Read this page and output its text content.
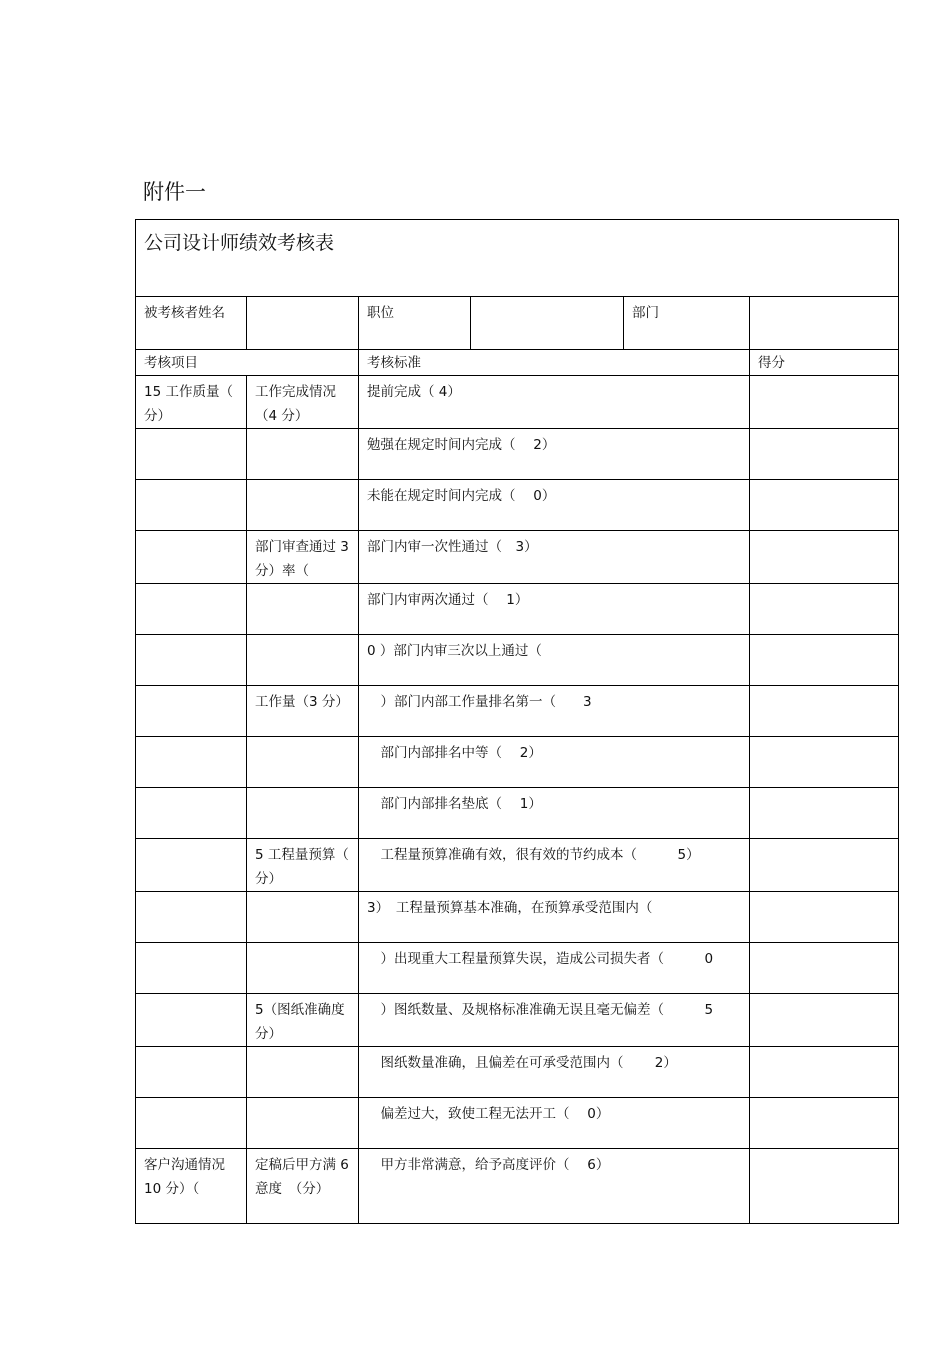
附件一
公司设计师绩效考核表					
被考核者姓名		职位		部门	
考核项目		考核标准			得分
15 工作质量（ 分）	工作完成情况（4 分）	提前完成（ 4）			
		勉强在规定时间内完成（　 2）			
		未能在规定时间内完成（　 0）			
	部门审查通过 3 分）率（	部门内审一次性通过（　3）			
		部门内审两次通过（　 1）			
		0 ）部门内审三次以上通过（			
	工作量（3 分）	　）部门内部工作量排名第一（　　3			
		　部门内部排名中等（　 2）			
		　部门内部排名垫底（　 1）			
	5 工程量预算（ 分）	　工程量预算准确有效，很有效的节约成本（　　　5）			
		3）　工程量预算基本准确，在预算承受范围内（			
		　）出现重大工程量预算失误，造成公司损失者（　　　0			
	5（图纸准确度　分）	　）图纸数量、及规格标准准确无误且毫无偏差（　　　5			
		　图纸数量准确，且偏差在可承受范围内（　　 2）			
		　偏差过大，致使工程无法开工（　 0）			
客户沟通情况 10 分）（	定稿后甲方满 6 意度　（分）	　甲方非常满意，给予高度评价（　 6）			
